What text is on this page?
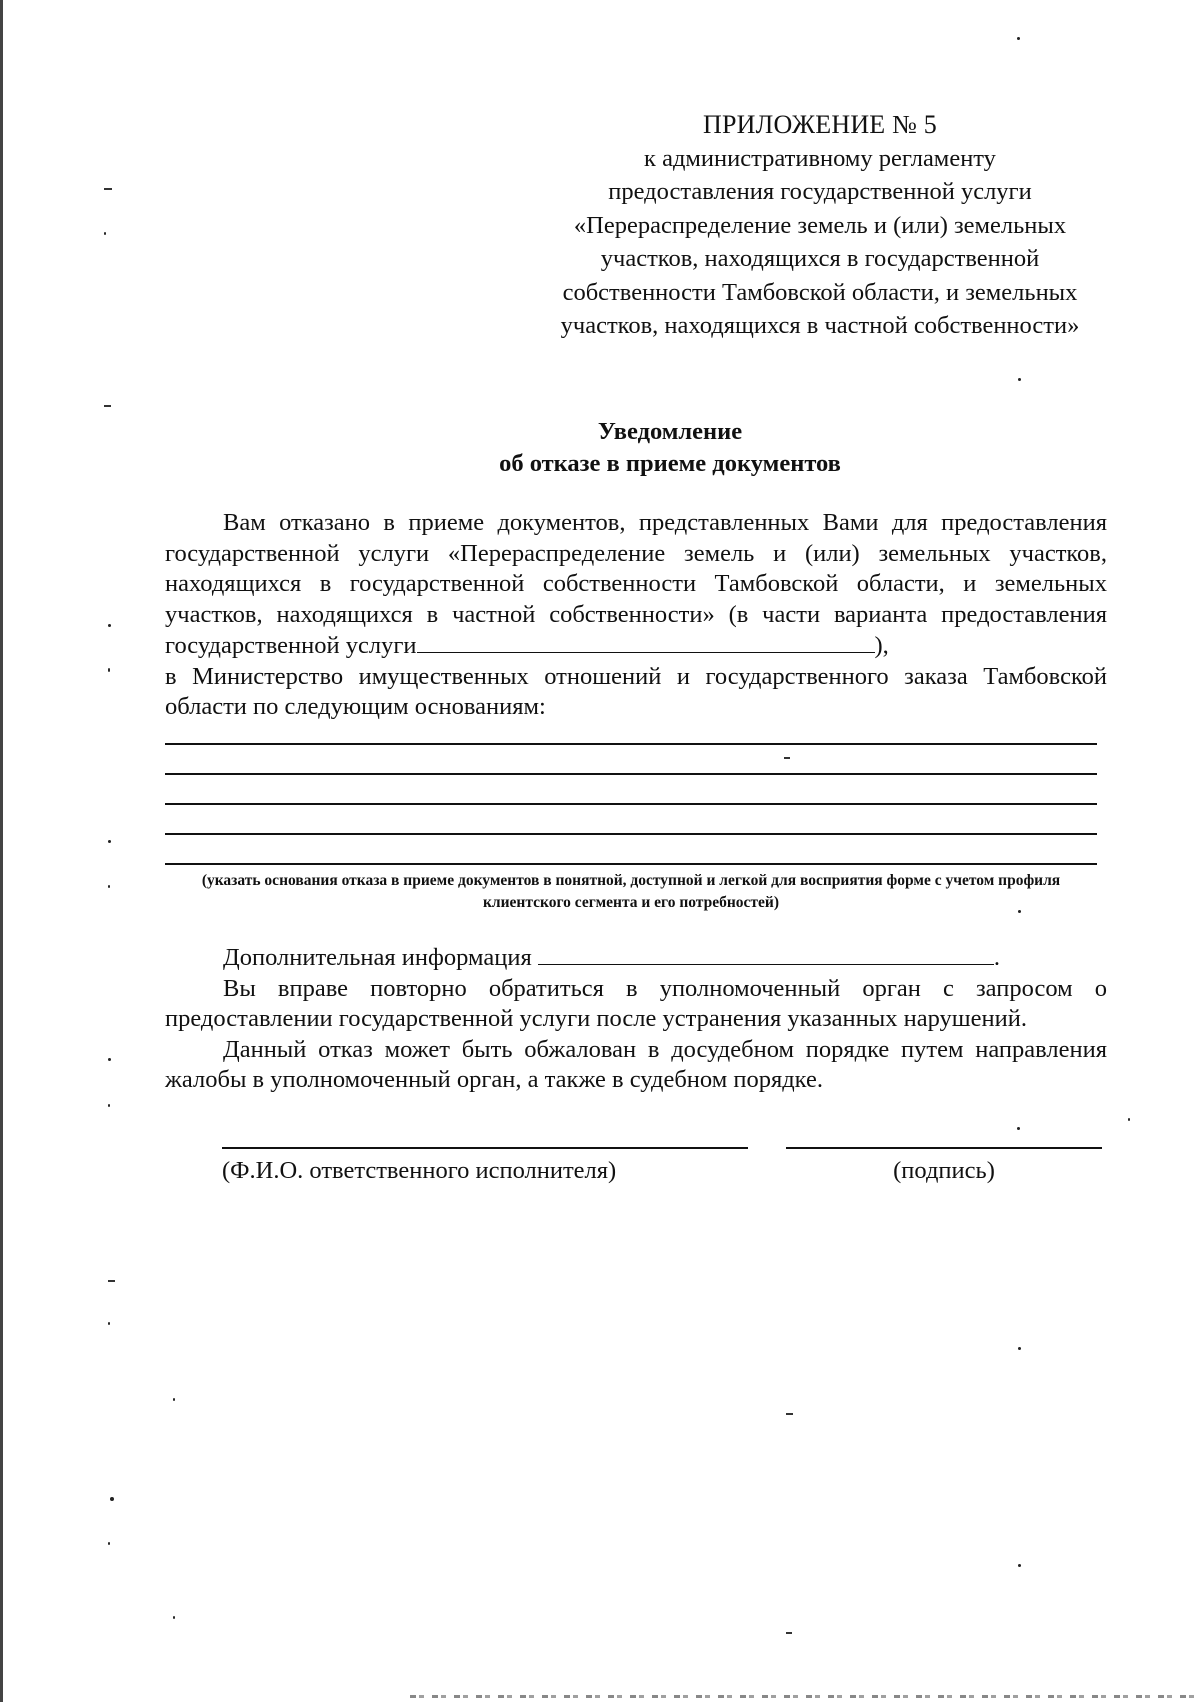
ПРИЛОЖЕНИЕ № 5
к административному регламенту
предоставления государственной услуги
«Перераспределение земель и (или) земельных
участков, находящихся в государственной
собственности Тамбовской области, и земельных
участков, находящихся в частной собственности»
Уведомление
об отказе в приеме документов

Вам отказано в приеме документов, представленных Вами для предоставления государственной услуги «Перераспределение земель и (или) земельных участков, находящихся в государственной собственности Тамбовской области, и земельных участков, находящихся в частной собственности» (в части варианта предоставления государственной услуги	),

в Министерство имущественных отношений и государственного заказа Тамбовской области по следующим основаниям:

(указать основания отказа в приеме документов в понятной, доступной и легкой для восприятия форме с учетом профиля клиентского сегмента и его потребностей)

Дополнительная информация	.

Вы вправе повторно обратиться в уполномоченный орган с запросом о предоставлении государственной услуги после устранения указанных нарушений.

Данный отказ может быть обжалован в досудебном порядке путем направления жалобы в уполномоченный орган, а также в судебном порядке.

(Ф.И.О. ответственного исполнителя)	(подпись)
